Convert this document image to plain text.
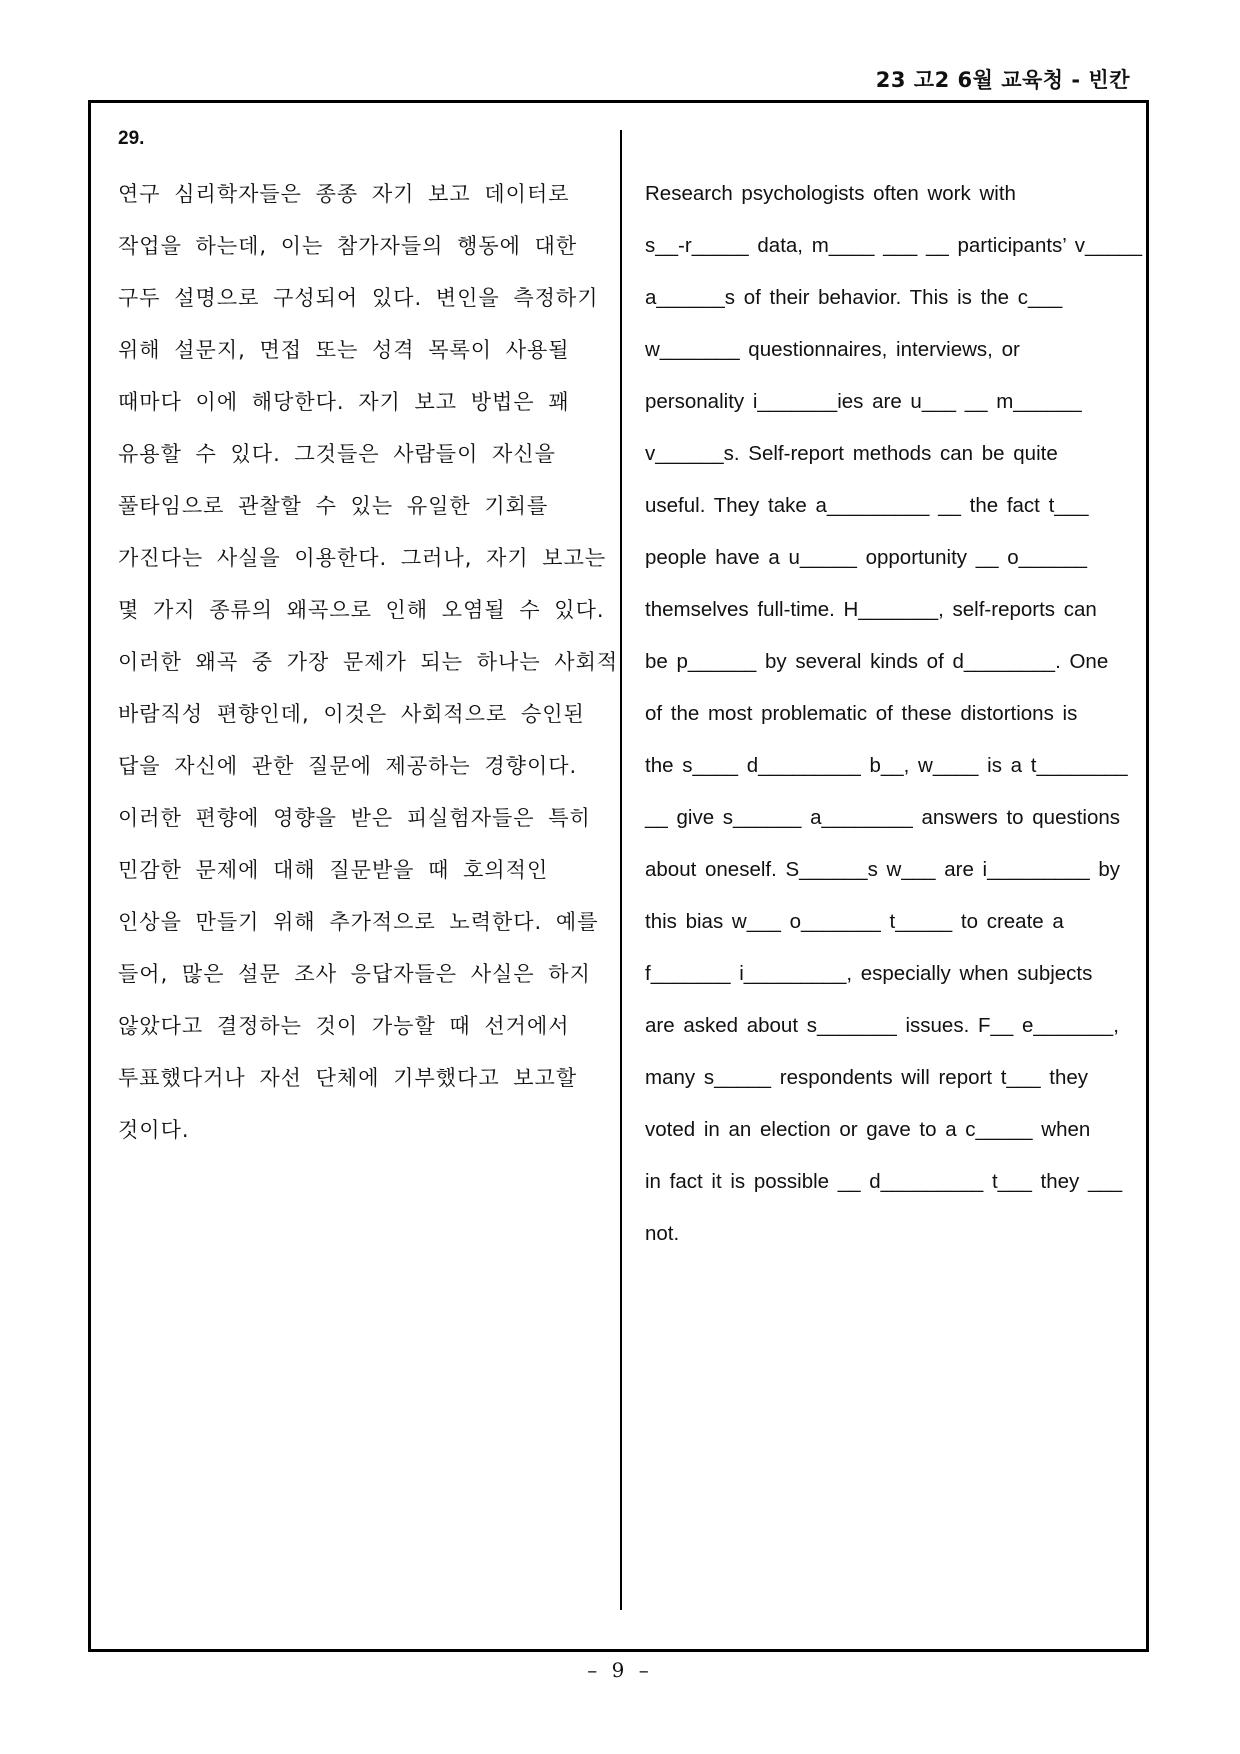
23 고2 6월 교육청 - 빈칸
29.
연구 심리학자들은 종종 자기 보고 데이터로
작업을 하는데, 이는 참가자들의 행동에 대한
구두 설명으로 구성되어 있다. 변인을 측정하기
위해 설문지, 면접 또는 성격 목록이 사용될
때마다 이에 해당한다. 자기 보고 방법은 꽤
유용할 수 있다. 그것들은 사람들이 자신을
풀타임으로 관찰할 수 있는 유일한 기회를
가진다는 사실을 이용한다. 그러나, 자기 보고는
몇 가지 종류의 왜곡으로 인해 오염될 수 있다.
이러한 왜곡 중 가장 문제가 되는 하나는 사회적
바람직성 편향인데, 이것은 사회적으로 승인된
답을 자신에 관한 질문에 제공하는 경향이다.
이러한 편향에 영향을 받은 피실험자들은 특히
민감한 문제에 대해 질문받을 때 호의적인
인상을 만들기 위해 추가적으로 노력한다. 예를
들어, 많은 설문 조사 응답자들은 사실은 하지
않았다고 결정하는 것이 가능할 때 선거에서
투표했다거나 자선 단체에 기부했다고 보고할
것이다.
Research psychologists often work with
s__-r_____ data, m____ ___ __ participants’ v_____
a______s of their behavior. This is the c___
w_______ questionnaires, interviews, or
personality i_______ies are u___ __ m______
v______s. Self-report methods can be quite
useful. They take a_________ __ the fact t___
people have a u_____ opportunity __ o______
themselves full-time. H_______, self-reports can
be p______ by several kinds of d________. One
of the most problematic of these distortions is
the s____ d_________ b__, w____ is a t________
__ give s______ a________ answers to questions
about oneself. S______s w___ are i_________ by
this bias w___ o_______ t_____ to create a
f_______ i_________, especially when subjects
are asked about s_______ issues. F__ e_______,
many s_____ respondents will report t___ they
voted in an election or gave to a c_____ when
in fact it is possible __ d_________ t___ they ___
not.
– 9 –
